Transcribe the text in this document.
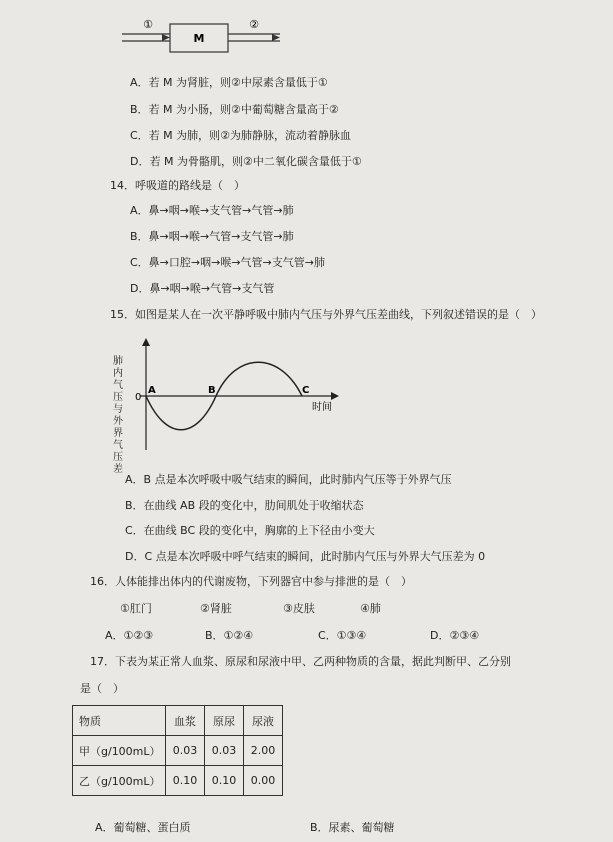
①
M
②
A．若 M 为肾脏，则②中尿素含量低于①
B．若 M 为小肠，则②中葡萄糖含量高于②
C．若 M 为肺，则②为肺静脉，流动着静脉血
D．若 M 为骨骼肌，则②中二氧化碳含量低于①
14．呼吸道的路线是（　）
A．鼻→咽→喉→支气管→气管→肺
B．鼻→咽→喉→气管→支气管→肺
C．鼻→口腔→咽→喉→气管→支气管→肺
D．鼻→咽→喉→气管→支气管
15．如图是某人在一次平静呼吸中肺内气压与外界气压差曲线，下列叙述错误的是（　）
0
A	B	C
时间
肺内气压与外界气压差
A．B 点是本次呼吸中吸气结束的瞬间，此时肺内气压等于外界气压
B．在曲线 AB 段的变化中，肋间肌处于收缩状态
C．在曲线 BC 段的变化中，胸廓的上下径由小变大
D．C 点是本次呼吸中呼气结束的瞬间，此时肺内气压与外界大气压差为 0
16．人体能排出体内的代谢废物，下列器官中参与排泄的是（　）
①肛门	②肾脏	③皮肤	④肺
A．①②③	B．①②④	C．①③④	D．②③④
17．下表为某正常人血浆、原尿和尿液中甲、乙两种物质的含量，据此判断甲、乙分别
是（　）
物质	血浆	原尿	尿液
甲（g/100mL）	0.03	0.03	2.00
乙（g/100mL）	0.10	0.10	0.00
A．葡萄糖、蛋白质	B．尿素、葡萄糖
